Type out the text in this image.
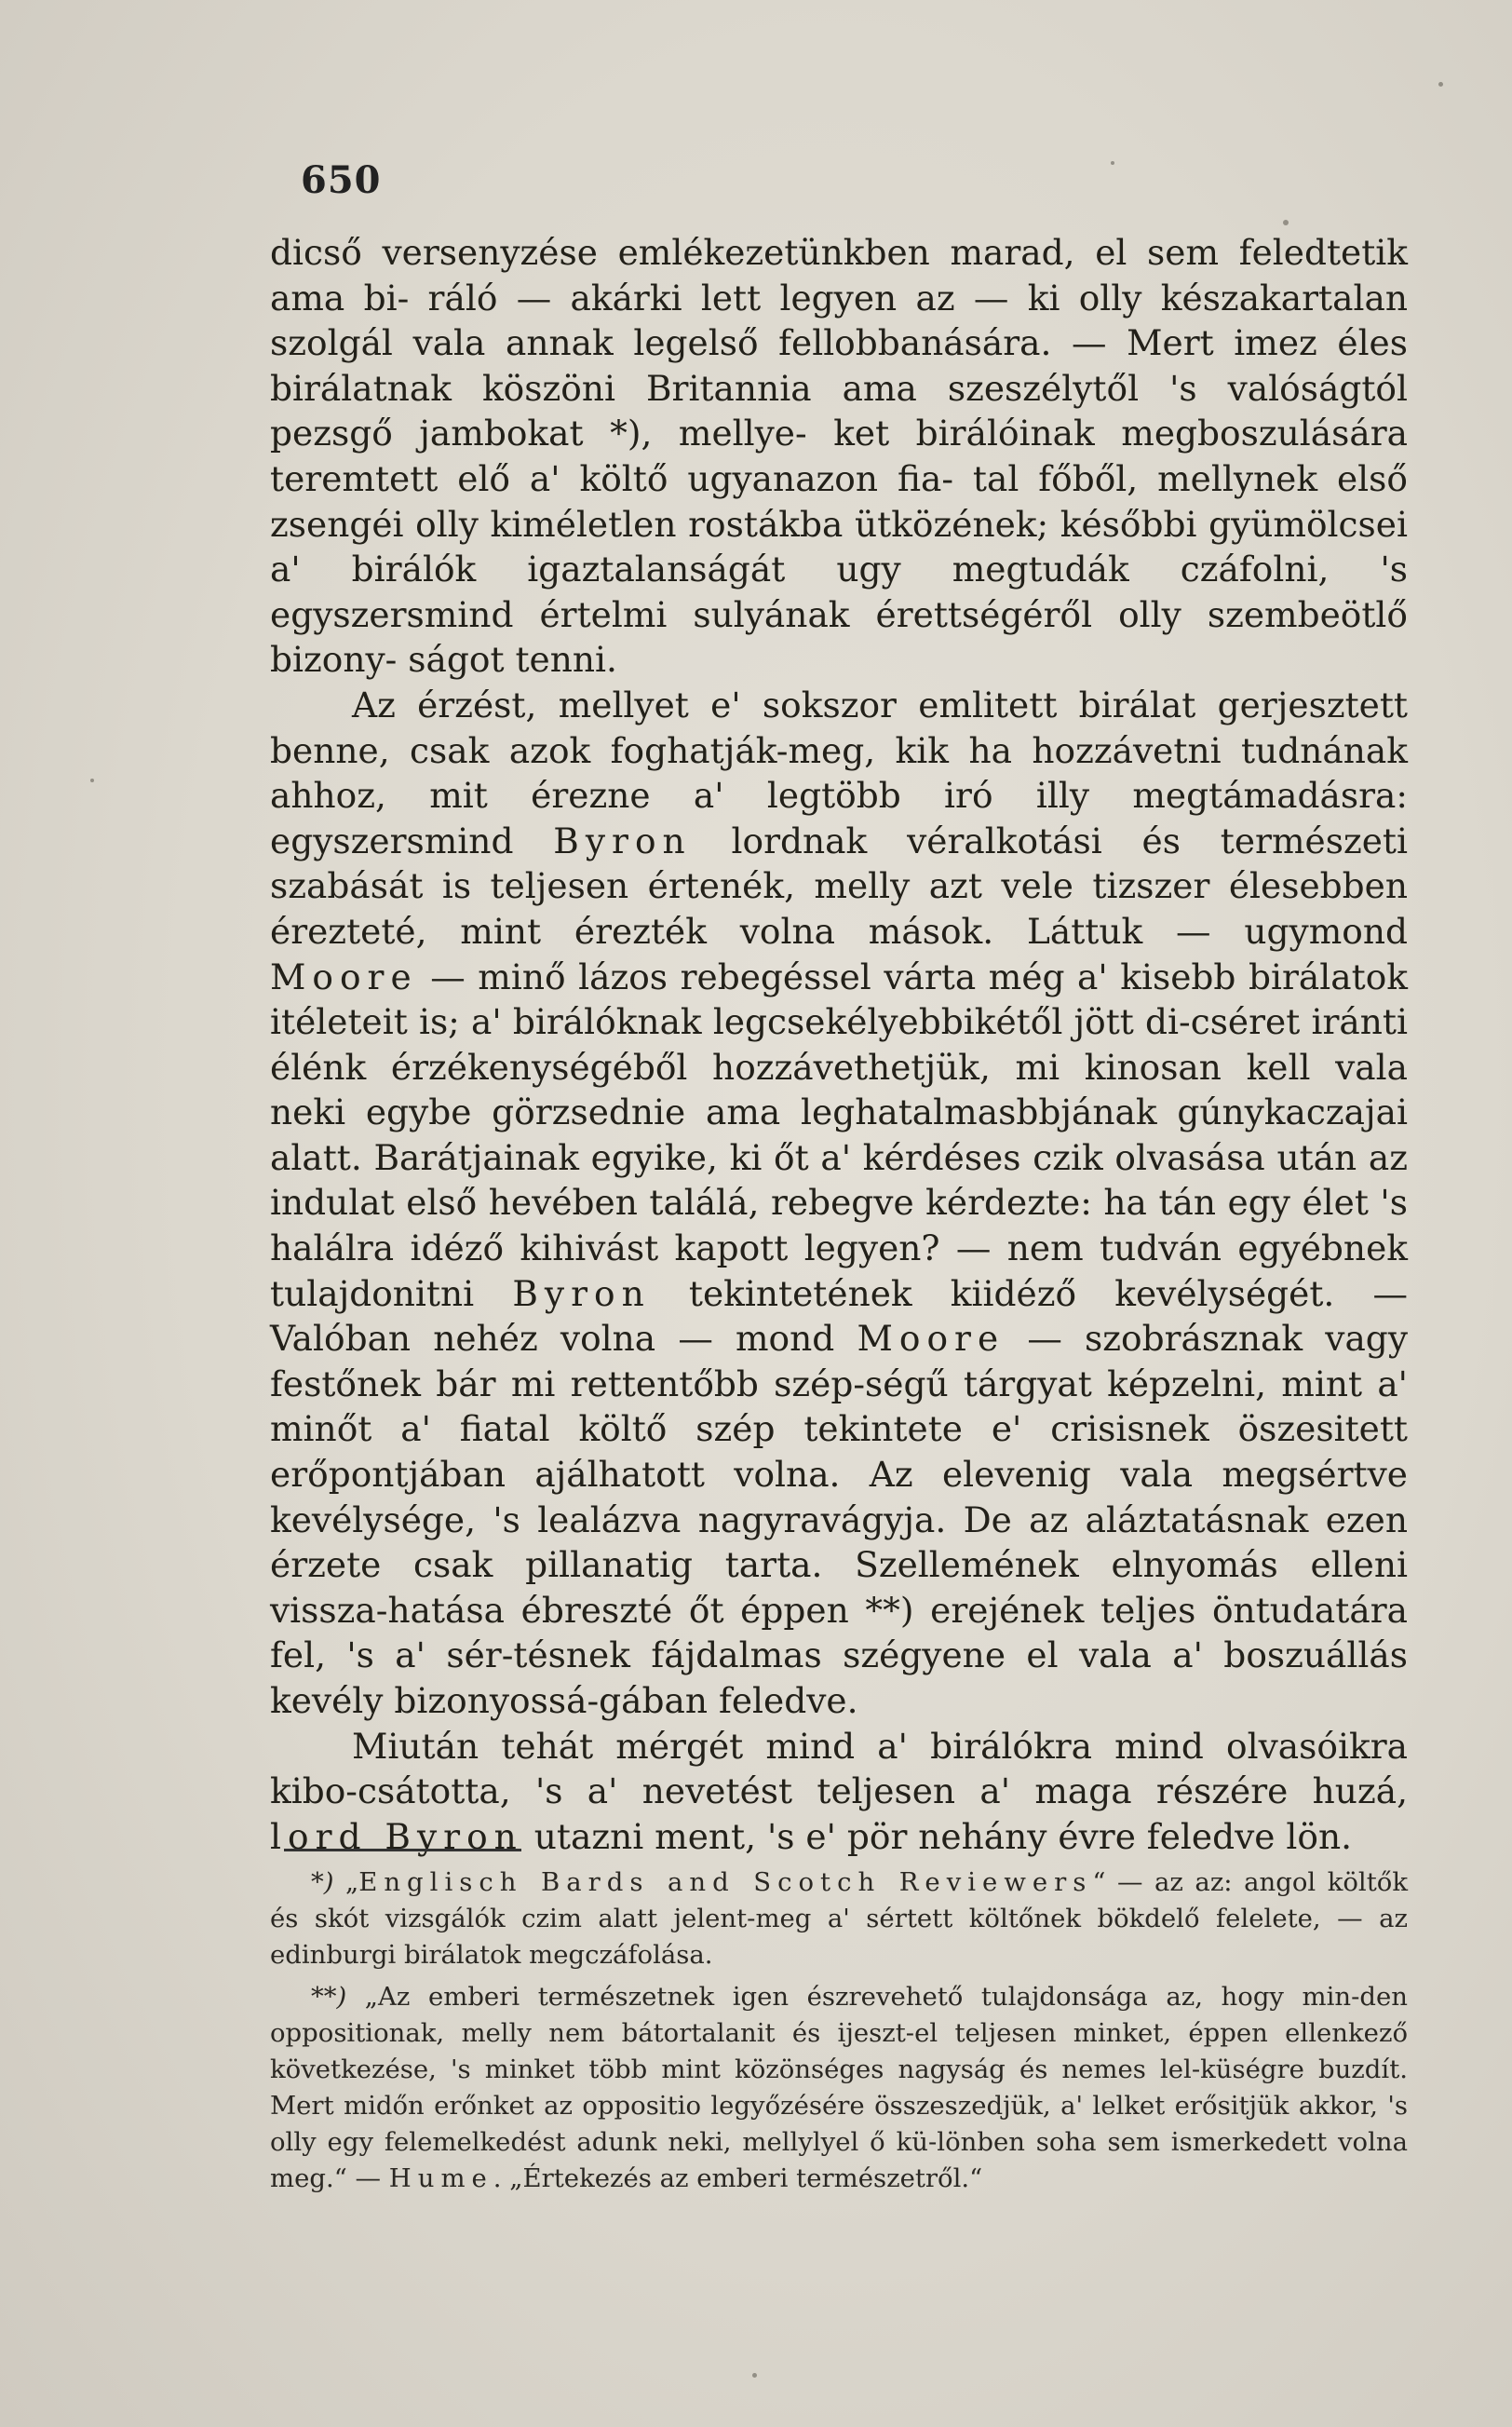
650

dicső versenyzése emlékezetünkben marad, el sem feledtetik ama bi- ráló — akárki lett legyen az — ki olly készakartalan szolgál vala annak legelső fellobbanására. — Mert imez éles birálatnak köszöni Britannia ama szeszélytől 's valóságtól pezsgő jambokat *), mellye- ket birálóinak megboszulására teremtett elő a' költő ugyanazon fia- tal főből, mellynek első zsengéi olly kiméletlen rostákba ütközének; későbbi gyümölcsei a' birálók igaztalanságát ugy megtudák czáfolni, 's egyszersmind értelmi sulyának érettségéről olly szembeötlő bizony- ságot tenni.

Az érzést, mellyet e' sokszor emlitett birálat gerjesztett benne, csak azok foghatják-meg, kik ha hozzávetni tudnának ahhoz, mit érezne a' legtöbb iró illy megtámadásra: egyszersmind Byron lordnak véralkotási és természeti szabását is teljesen értenék, melly azt vele tizszer élesebben érezteté, mint érezték volna mások. Láttuk — ugymond Moore — minő lázos rebegéssel várta még a' kisebb birálatok itéleteit is; a' birálóknak legcsekélyebbikétől jött di-cséret iránti élénk érzékenységéből hozzávethetjük, mi kinosan kell vala neki egybe görzsednie ama leghatalmasbbjának gúnykaczajai alatt. Barátjainak egyike, ki őt a' kérdéses czik olvasása után az indulat első hevében találá, rebegve kérdezte: ha tán egy élet 's halálra idéző kihivást kapott legyen? — nem tudván egyébnek tulajdonitni Byron tekintetének kiidéző kevélységét. — Valóban nehéz volna — mond Moore — szobrásznak vagy festőnek bár mi rettentőbb szép-ségű tárgyat képzelni, mint a' minőt a' fiatal költő szép tekintete e' crisisnek öszesitett erőpontjában ajálhatott volna. Az elevenig vala megsértve kevélysége, 's lealázva nagyravágyja. De az aláztatásnak ezen érzete csak pillanatig tarta. Szellemének elnyomás elleni vissza-hatása ébreszté őt éppen **) erejének teljes öntudatára fel, 's a' sér-tésnek fájdalmas szégyene el vala a' boszuállás kevély bizonyossá-gában feledve.

Miután tehát mérgét mind a' birálókra mind olvasóikra kibo-csátotta, 's a' nevetést teljesen a' maga részére huzá, lord Byron utazni ment, 's e' pör nehány évre feledve lön.

*) „Englisch Bards and Scotch Reviewers“ — az az: angol költők és skót vizsgálók czim alatt jelent-meg a' sértett költőnek bökdelő felelete, — az edinburgi birálatok megczáfolása.

**) „Az emberi természetnek igen észrevehető tulajdonsága az, hogy min-den oppositionak, melly nem bátortalanit és ijeszt-el teljesen minket, éppen ellenkező következése, 's minket több mint közönséges nagyság és nemes lel-küségre buzdít. Mert midőn erőnket az oppositio legyőzésére összeszedjük, a' lelket erősitjük akkor, 's olly egy felemelkedést adunk neki, mellylyel ő kü-lönben soha sem ismerkedett volna meg.“ — Hume. „Értekezés az emberi természetről.“
